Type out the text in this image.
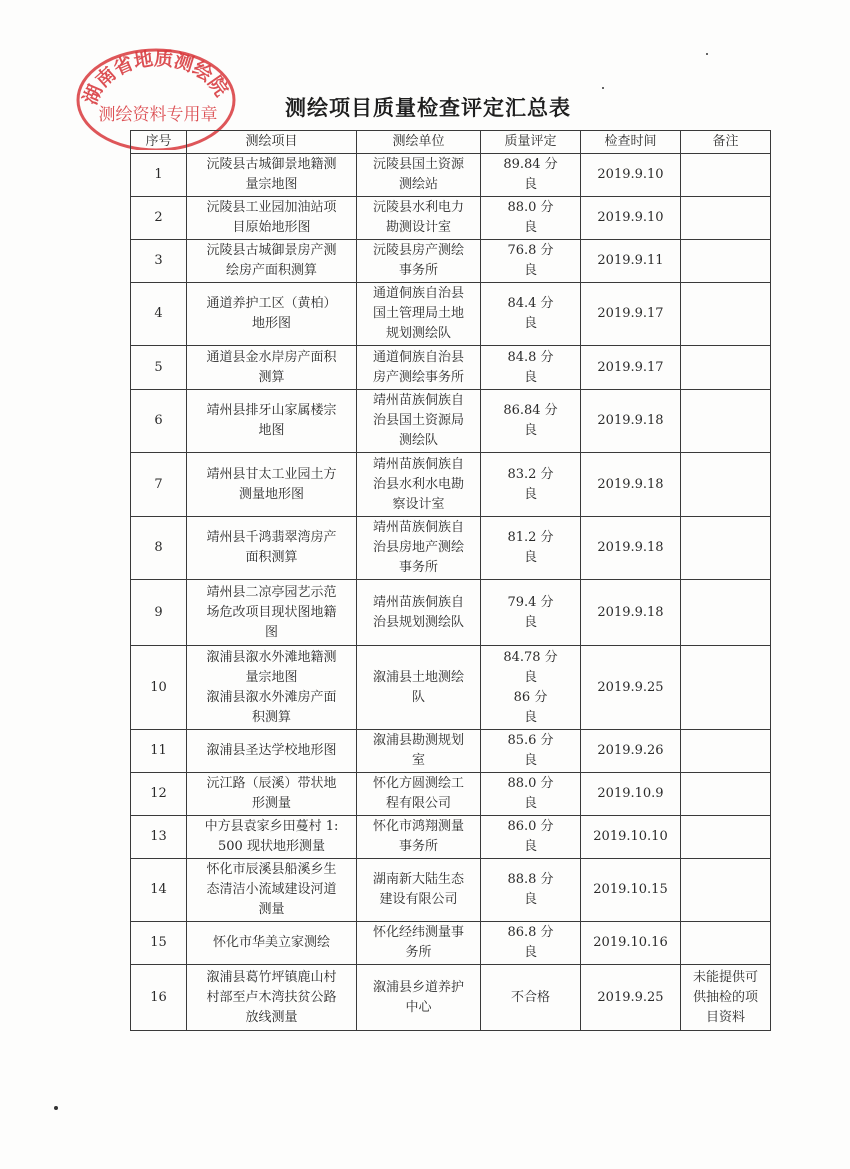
湖南省地质测绘院
测绘资料专用章	测绘项目质量检查评定汇总表
序号	测绘项目	测绘单位	质量评定	检查时间	备注
1	沅陵县古城御景地籍测
量宗地图	沅陵县国土资源
测绘站	89.84 分
良	2019.9.10	
2	沅陵县工业园加油站项
目原始地形图	沅陵县水利电力
勘测设计室	88.0 分
良	2019.9.10	
3	沅陵县古城御景房产测
绘房产面积测算	沅陵县房产测绘
事务所	76.8 分
良	2019.9.11	
4	通道养护工区（黄柏）
地形图	通道侗族自治县
国土管理局土地
规划测绘队	84.4 分
良	2019.9.17	
5	通道县金水岸房产面积
测算	通道侗族自治县
房产测绘事务所	84.8 分
良	2019.9.17	
6	靖州县排牙山家属楼宗
地图	靖州苗族侗族自
治县国土资源局
测绘队	86.84 分
良	2019.9.18	
7	靖州县甘太工业园土方
测量地形图	靖州苗族侗族自
治县水利水电勘
察设计室	83.2 分
良	2019.9.18	
8	靖州县千鸿翡翠湾房产
面积测算	靖州苗族侗族自
治县房地产测绘
事务所	81.2 分
良	2019.9.18	
9	靖州县二凉亭园艺示范
场危改项目现状图地籍
图	靖州苗族侗族自
治县规划测绘队	79.4 分
良	2019.9.18	
10	溆浦县溆水外滩地籍测
量宗地图
溆浦县溆水外滩房产面
积测算	溆浦县土地测绘
队	84.78 分
良
86 分
良	2019.9.25	
11	溆浦县圣达学校地形图	溆浦县勘测规划
室	85.6 分
良	2019.9.26	
12	沅江路（辰溪）带状地
形测量	怀化方圆测绘工
程有限公司	88.0 分
良	2019.10.9	
13	中方县袁家乡田蔓村 1:
500 现状地形测量	怀化市鸿翔测量
事务所	86.0 分
良	2019.10.10	
14	怀化市辰溪县船溪乡生
态清洁小流域建设河道
测量	湖南新大陆生态
建设有限公司	88.8 分
良	2019.10.15	
15	怀化市华美立家测绘	怀化经纬测量事
务所	86.8 分
良	2019.10.16	
16	溆浦县葛竹坪镇鹿山村
村部至卢木湾扶贫公路
放线测量	溆浦县乡道养护
中心	不合格	2019.9.25	未能提供可
供抽检的项
目资料
